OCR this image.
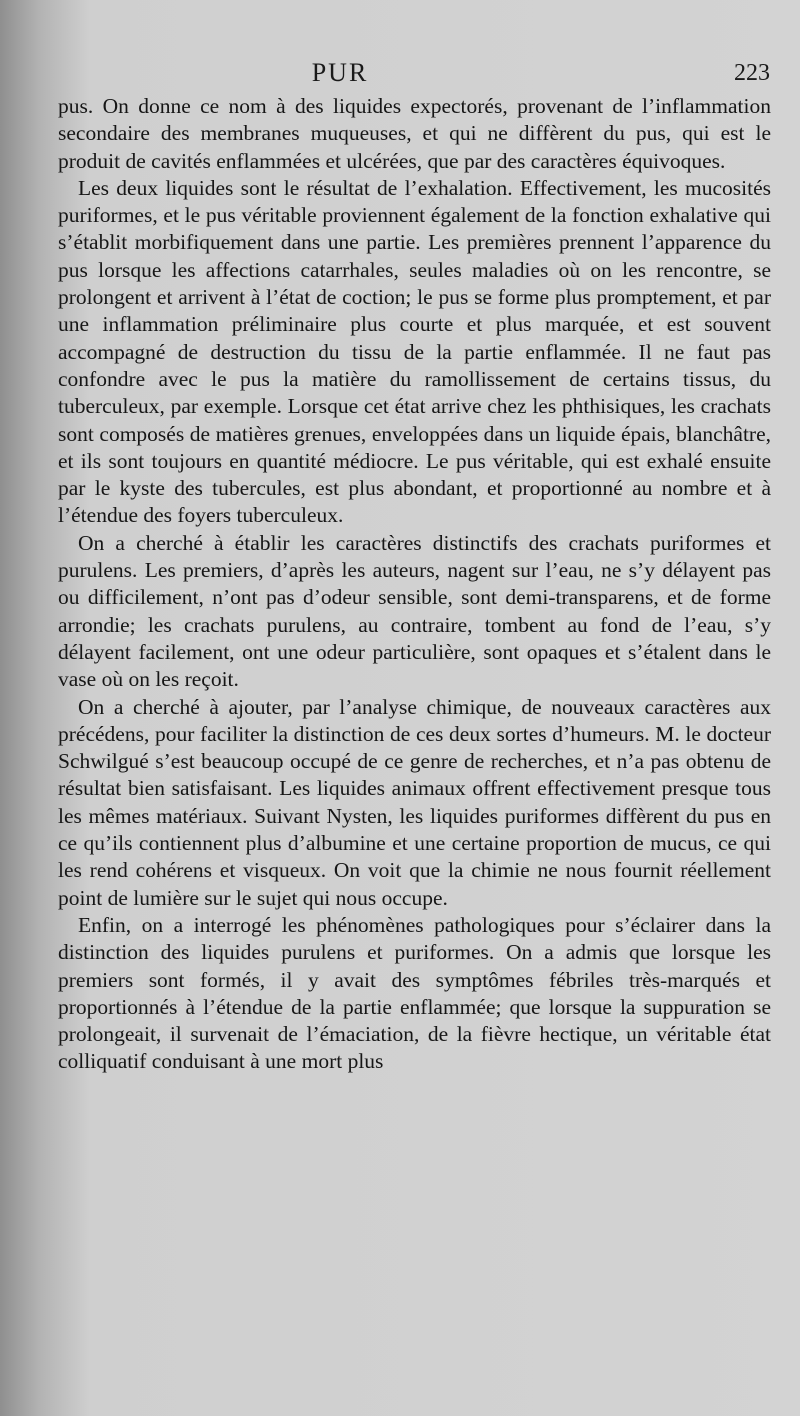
PUR	223

pus. On donne ce nom à des liquides expectorés, provenant de l’inflammation secondaire des membranes muqueuses, et qui ne diffèrent du pus, qui est le produit de cavités enflammées et ulcérées, que par des caractères équivoques.

Les deux liquides sont le résultat de l’exhalation. Effectivement, les mucosités puriformes, et le pus véritable proviennent également de la fonction exhalative qui s’établit morbifiquement dans une partie. Les premières prennent l’apparence du pus lorsque les affections catarrhales, seules maladies où on les rencontre, se prolongent et arrivent à l’état de coction; le pus se forme plus promptement, et par une inflammation préliminaire plus courte et plus marquée, et est souvent accompagné de destruction du tissu de la partie enflammée. Il ne faut pas confondre avec le pus la matière du ramollissement de certains tissus, du tuberculeux, par exemple. Lorsque cet état arrive chez les phthisiques, les crachats sont composés de matières grenues, enveloppées dans un liquide épais, blanchâtre, et ils sont toujours en quantité médiocre. Le pus véritable, qui est exhalé ensuite par le kyste des tubercules, est plus abondant, et proportionné au nombre et à l’étendue des foyers tuberculeux.

On a cherché à établir les caractères distinctifs des crachats puriformes et purulens. Les premiers, d’après les auteurs, nagent sur l’eau, ne s’y délayent pas ou difficilement, n’ont pas d’odeur sensible, sont demi-transparens, et de forme arrondie; les crachats purulens, au contraire, tombent au fond de l’eau, s’y délayent facilement, ont une odeur particulière, sont opaques et s’étalent dans le vase où on les reçoit.

On a cherché à ajouter, par l’analyse chimique, de nouveaux caractères aux précédens, pour faciliter la distinction de ces deux sortes d’humeurs. M. le docteur Schwilgué s’est beaucoup occupé de ce genre de recherches, et n’a pas obtenu de résultat bien satisfaisant. Les liquides animaux offrent effectivement presque tous les mêmes matériaux. Suivant Nysten, les liquides puriformes diffèrent du pus en ce qu’ils contiennent plus d’albumine et une certaine proportion de mucus, ce qui les rend cohérens et visqueux. On voit que la chimie ne nous fournit réellement point de lumière sur le sujet qui nous occupe.

Enfin, on a interrogé les phénomènes pathologiques pour s’éclairer dans la distinction des liquides purulens et puriformes. On a admis que lorsque les premiers sont formés, il y avait des symptômes fébriles très-marqués et proportionnés à l’étendue de la partie enflammée; que lorsque la suppuration se prolongeait, il survenait de l’émaciation, de la fièvre hectique, un véritable état colliquatif conduisant à une mort plus
